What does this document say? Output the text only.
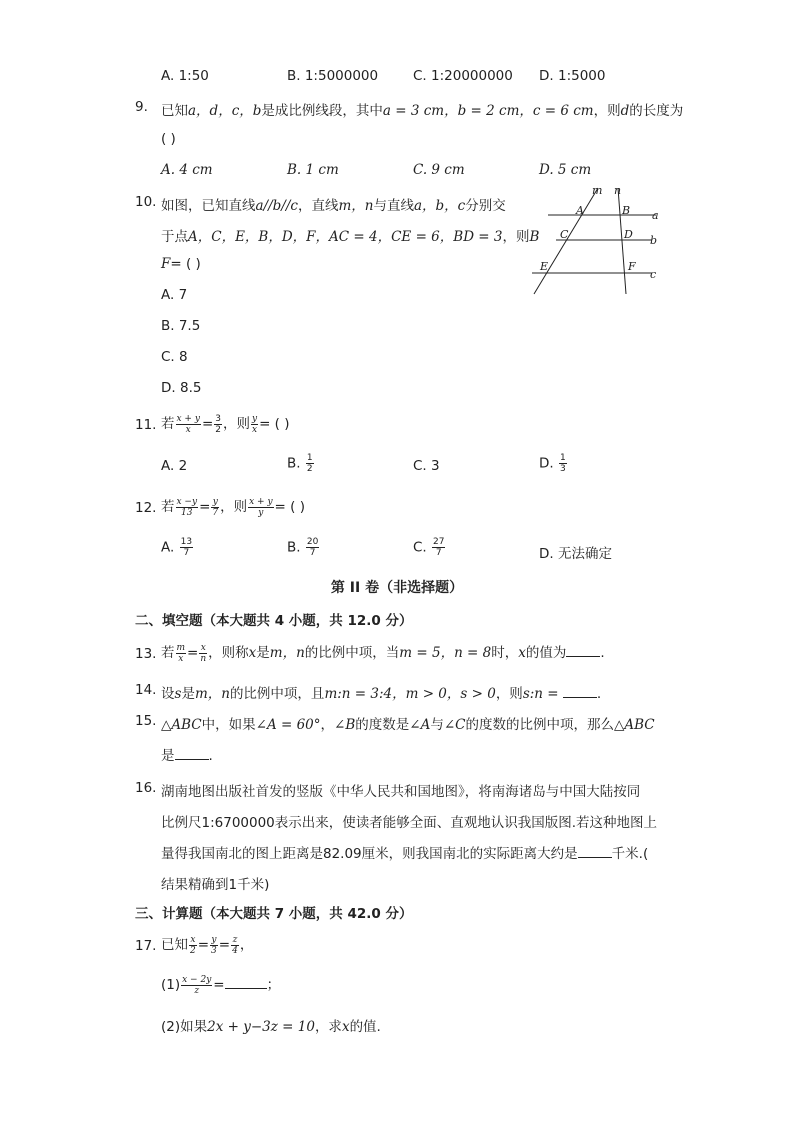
A. 1:50	B. 1:5000000	C. 1:20000000 D. 1:5000
9. 已知a，d，c，b是成比例线段，其中a = 3 cm，b = 2 cm，c = 6 cm，则d的长度为
( )
A. 4 cm	B. 1 cm	C. 9 cm	D. 5 cm
10. 如图，已知直线a//b//c，直线m，n与直线a，b，c分别交
于点A，C，E，B，D，F，AC = 4，CE = 6，BD = 3，则B
F= ( )
A. 7
B. 7.5
C. 8
D. 8.5
m n
A	B
C	D
E	F
a
b
c
11. 若 $\frac{x + y}{x} = \frac{3}{2}$ ，则 $\frac{y}{x}$ = ( )
A. 2	B. $\frac{1}{2}$	C. 3	D. $\frac{1}{3}$
12. 若 $\frac{x -y}{13} = \frac{y}{7}$ ，则 $\frac{x + y}{y}$ = ( )
A. $\frac{13}{7}$	B. $\frac{20}{7}$	C. $\frac{27}{7}$	D. 无法确定
第 II 卷（非选择题）
二、填空题（本大题共 4 小题，共 12.0 分）
13. 若 $\frac{m}{x} = \frac{x}{n}$ ，则称x是m，n的比例中项，当m = 5，n = 8时，x的值为	.
14. 设s是m，n的比例中项，且m:n = 3:4，m > 0，s > 0，则s:n =	.
15. △ABC中，如果∠A = 60°，∠B的度数是∠A与∠C的度数的比例中项，那么△ABC
是	.
16. 湖南地图出版社首发的竖版《中华人民共和国地图》，将南海诸岛与中国大陆按同
比例尺1:6700000表示出来，使读者能够全面、直观地认识我国版图.若这种地图上
量得我国南北的图上距离是82.09厘米，则我国南北的实际距离大约是	千米.(
结果精确到1千米)
三、计算题（本大题共 7 小题，共 42.0 分）
17. 已知 $\frac{x}{2} = \frac{y}{3} = \frac{z}{4}$ ，
$(1) \frac{x - 2y}{z}$ =	；
(2)如果2x + y−3z = 10，求x的值.
